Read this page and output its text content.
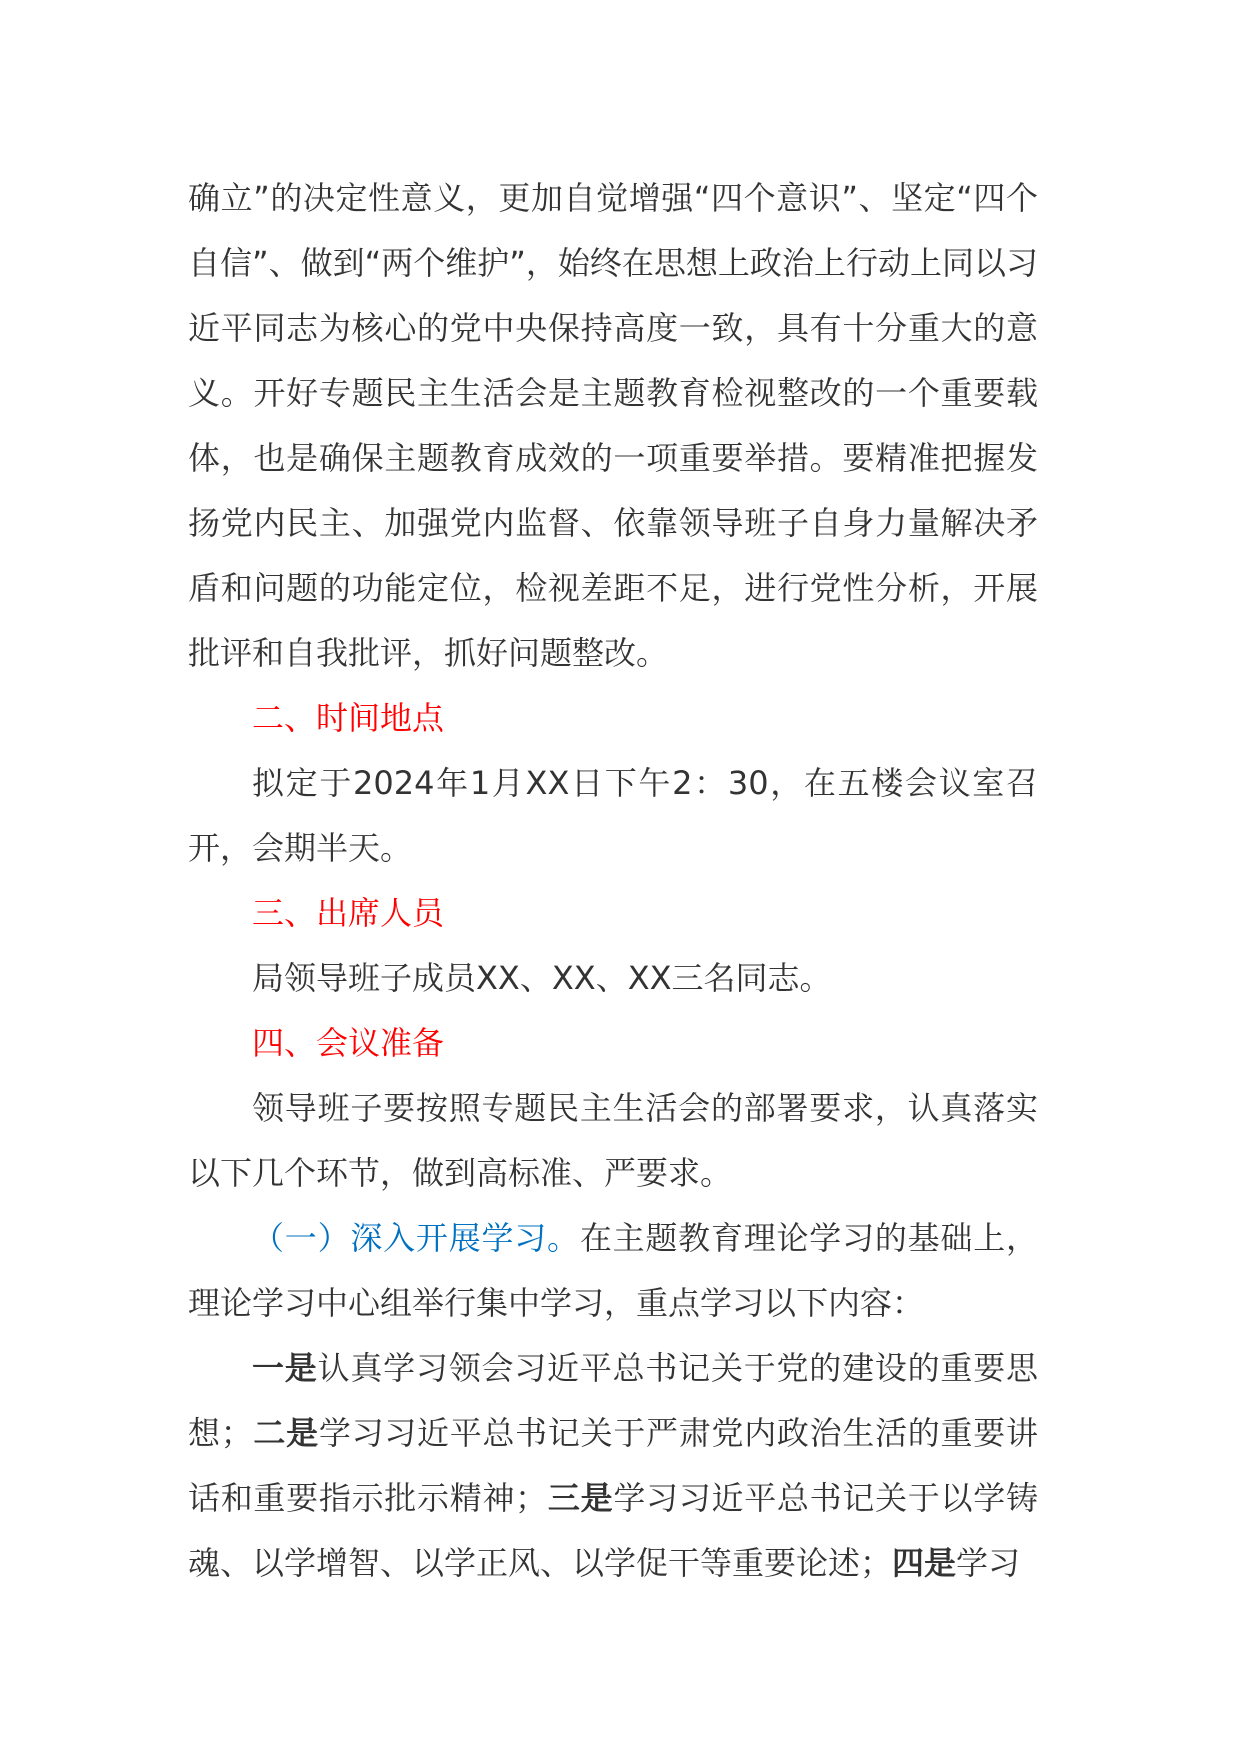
确立”的决定性意义，更加自觉增强“四个意识”、坚定“四个自信”、做到“两个维护”，始终在思想上政治上行动上同以习近平同志为核心的党中央保持高度一致，具有十分重大的意义。开好专题民主生活会是主题教育检视整改的一个重要载体，也是确保主题教育成效的一项重要举措。要精准把握发扬党内民主、加强党内监督、依靠领导班子自身力量解决矛盾和问题的功能定位，检视差距不足，进行党性分析，开展批评和自我批评，抓好问题整改。

二、时间地点

拟定于2024年1月XX日下午2：30，在五楼会议室召开，会期半天。

三、出席人员

局领导班子成员XX、XX、XX三名同志。

四、会议准备

领导班子要按照专题民主生活会的部署要求，认真落实以下几个环节，做到高标准、严要求。

（一）深入开展学习。在主题教育理论学习的基础上，理论学习中心组举行集中学习，重点学习以下内容：

一是认真学习领会习近平总书记关于党的建设的重要思想；二是学习习近平总书记关于严肃党内政治生活的重要讲话和重要指示批示精神；三是学习习近平总书记关于以学铸魂、以学增智、以学正风、以学促干等重要论述；四是学习
